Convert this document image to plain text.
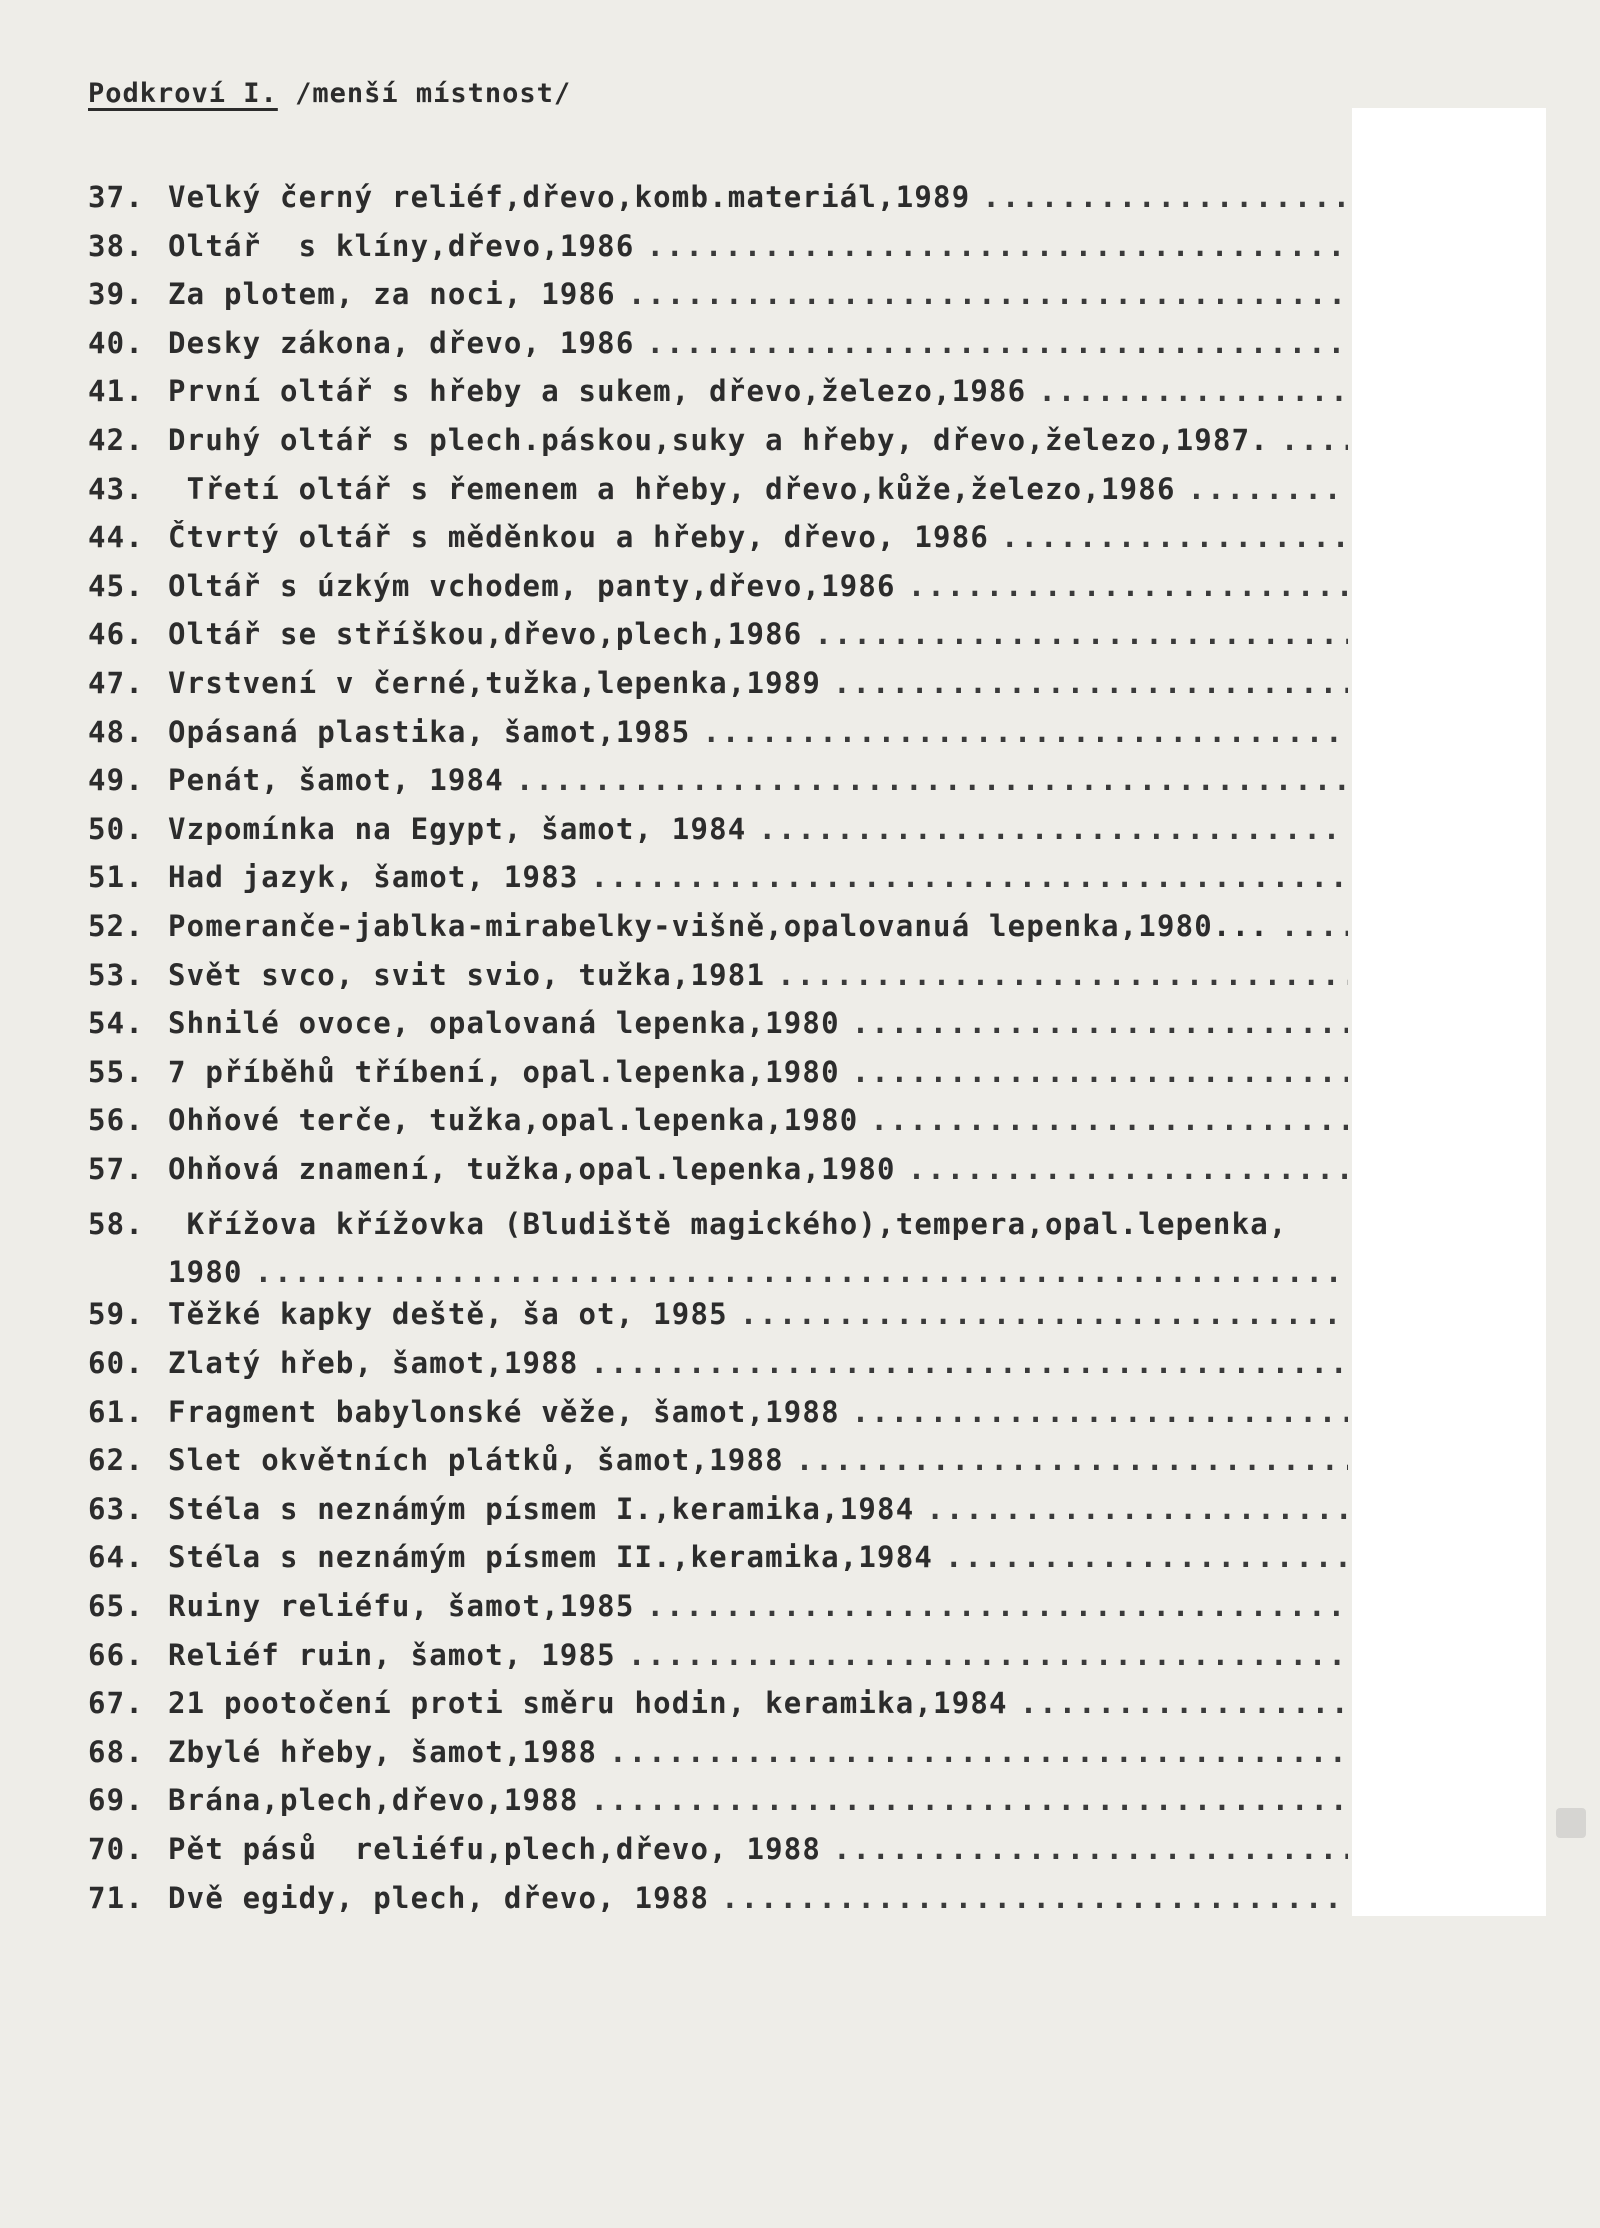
Podkroví I. /menší místnost/
37. Velký černý reliéf,dřevo,komb.materiál,1989
.....
38. Oltář  s klíny,dřevo,1986
.....
39. Za plotem, za noci, 1986
.....
40. Desky zákona, dřevo, 1986
.....
41. První oltář s hřeby a sukem, dřevo,železo,1986
.....
42. Druhý oltář s plech.páskou,suky a hřeby, dřevo,železo,1987.
.....
43. Třetí oltář s řemenem a hřeby, dřevo,kůže,železo,1986
.....
44. Čtvrtý oltář s měděnkou a hřeby, dřevo, 1986
.....
45. Oltář s úzkým vchodem, panty,dřevo,1986
.....
46. Oltář se stříškou,dřevo,plech,1986
.....
47. Vrstvení v černé,tužka,lepenka,1989
.....
48. Opásaná plastika, šamot,1985
.....
49. Penát, šamot, 1984
.....
50. Vzpomínka na Egypt, šamot, 1984
.....
51. Had jazyk, šamot, 1983
.....
52. Pomeranče-jablka-mirabelky-višně,opalovanuá lepenka,1980...
.....
53. Svět svco, svit svio, tužka,1981
.....
54. Shnilé ovoce, opalovaná lepenka,1980
.....
55. 7 příběhů tříbení, opal.lepenka,1980
.....
56. Ohňové terče, tužka,opal.lepenka,1980
.....
57. Ohňová znamení, tužka,opal.lepenka,1980
.....
58. Křížova křížovka (Bludiště magického),tempera,opal.lepenka,
1980
.....
59. Těžké kapky deště, ša ot, 1985
.....
60. Zlatý hřeb, šamot,1988
.....
61. Fragment babylonské věže, šamot,1988
.....
62. Slet okvětních plátků, šamot,1988
.....
63. Stéla s neznámým písmem I.,keramika,1984
.....
64. Stéla s neznámým písmem II.,keramika,1984
.....
65. Ruiny reliéfu, šamot,1985
.....
66. Reliéf ruin, šamot, 1985
.....
67. 21 pootočení proti směru hodin, keramika,1984
.....
68. Zbylé hřeby, šamot,1988
.....
69. Brána,plech,dřevo,1988
.....
70. Pět pásů  reliéfu,plech,dřevo, 1988
.....
71. Dvě egidy, plech, dřevo, 1988
.....
